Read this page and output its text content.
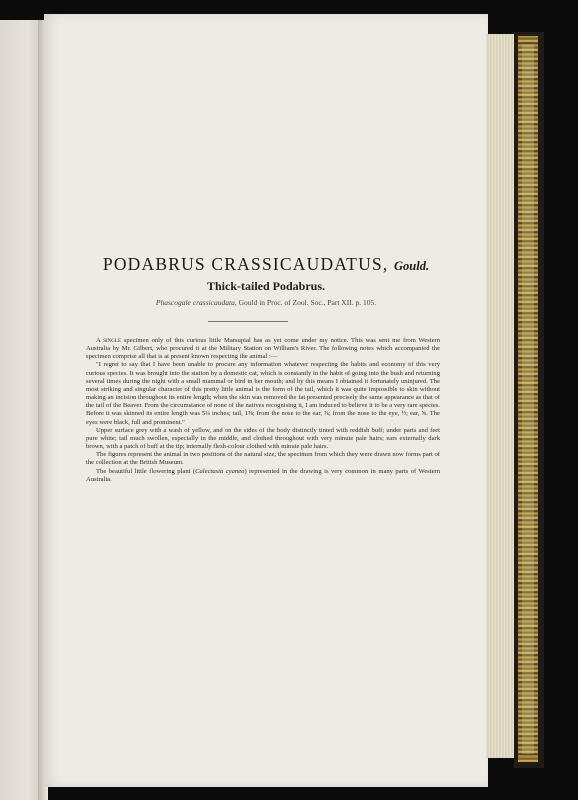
PODABRUS CRASSICAUDATUS, Gould.
Thick-tailed Podabrus.
Phascogale crassicaudata, Gould in Proc. of Zool. Soc., Part XII. p. 105.

A single specimen only of this curious little Marsupial has as yet come under my notice. This was sent me from Western Australia by Mr. Gilbert, who procured it at the Military Station on William's River. The following notes which accompanied the specimen comprise all that is at present known respecting the animal :—

"I regret to say that I have been unable to procure any information whatever respecting the habits and economy of this very curious species. It was brought into the station by a domestic cat, which is constantly in the habit of going into the bush and returning several times during the night with a small mammal or bird in her mouth; and by this means I obtained it fortunately uninjured. The most striking and singular character of this pretty little animal is the form of the tail, which it was quite impossible to skin without making an incision throughout its entire length; when the skin was removed the fat presented precisely the same appearance as that of the tail of the Beaver. From the circumstance of none of the natives recognising it, I am induced to believe it to be a very rare species. Before it was skinned its entire length was 5¼ inches; tail, 1⅝; from the nose to the ear, ⅞; from the nose to the eye, ½; ear, ⅝. The eyes were black, full and prominent."

Upper surface grey with a wash of yellow, and on the sides of the body distinctly tinted with reddish buff; under parts and feet pure white; tail much swollen, especially in the middle, and clothed throughout with very minute pale hairs; ears externally dark brown, with a patch of buff at the tip; internally flesh-colour clothed with minute pale hairs.

The figures represent the animal in two positions of the natural size; the specimen from which they were drawn now forms part of the collection at the British Museum.

The beautiful little flowering plant (Calectasia cyanea) represented in the drawing is very common in many parts of Western Australia.
